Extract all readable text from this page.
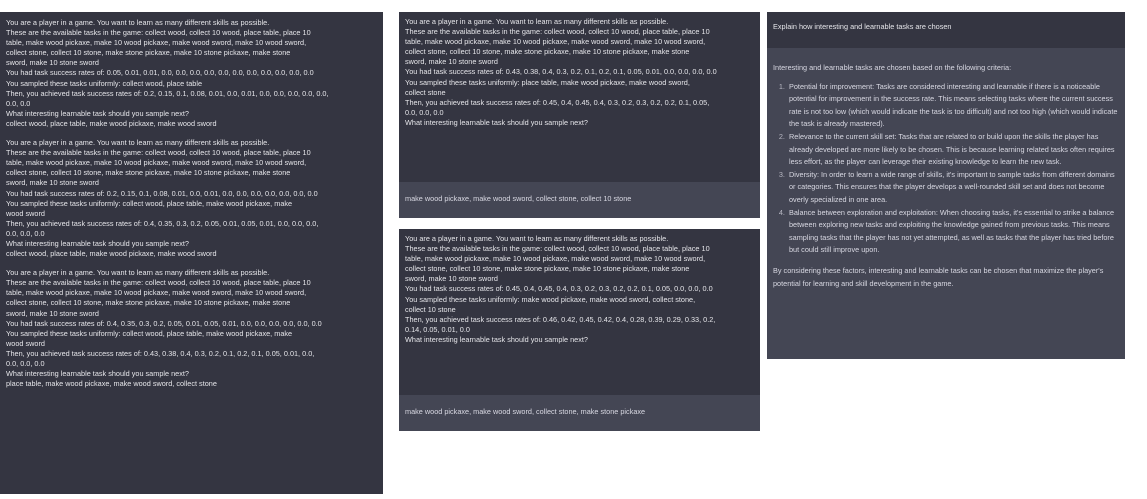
You are a player in a game. You want to learn as many different skills as possible.
These are the available tasks in the game: collect wood, collect 10 wood, place table, place 10
table, make wood pickaxe, make 10 wood pickaxe, make wood sword, make 10 wood sword,
collect stone, collect 10 stone, make stone pickaxe, make 10 stone pickaxe, make stone
sword, make 10 stone sword
You had task success rates of: 0.05, 0.01, 0.01, 0.0, 0.0, 0.0, 0.0, 0.0, 0.0, 0.0, 0.0, 0.0, 0.0, 0.0
You sampled these tasks uniformly: collect wood, place table
Then, you achieved task success rates of: 0.2, 0.15, 0.1, 0.08, 0.01, 0.0, 0.01, 0.0, 0.0, 0.0, 0.0, 0.0,
0.0, 0.0
What interesting learnable task should you sample next?
collect wood, place table, make wood pickaxe, make wood sword
You are a player in a game. You want to learn as many different skills as possible.
These are the available tasks in the game: collect wood, collect 10 wood, place table, place 10
table, make wood pickaxe, make 10 wood pickaxe, make wood sword, make 10 wood sword,
collect stone, collect 10 stone, make stone pickaxe, make 10 stone pickaxe, make stone
sword, make 10 stone sword
You had task success rates of: 0.2, 0.15, 0.1, 0.08, 0.01, 0.0, 0.01, 0.0, 0.0, 0.0, 0.0, 0.0, 0.0, 0.0
You sampled these tasks uniformly: collect wood, place table, make wood pickaxe, make
wood sword
Then, you achieved task success rates of: 0.4, 0.35, 0.3, 0.2, 0.05, 0.01, 0.05, 0.01, 0.0, 0.0, 0.0,
0.0, 0.0, 0.0
What interesting learnable task should you sample next?
collect wood, place table, make wood pickaxe, make wood sword
You are a player in a game. You want to learn as many different skills as possible.
These are the available tasks in the game: collect wood, collect 10 wood, place table, place 10
table, make wood pickaxe, make 10 wood pickaxe, make wood sword, make 10 wood sword,
collect stone, collect 10 stone, make stone pickaxe, make 10 stone pickaxe, make stone
sword, make 10 stone sword
You had task success rates of: 0.4, 0.35, 0.3, 0.2, 0.05, 0.01, 0.05, 0.01, 0.0, 0.0, 0.0, 0.0, 0.0, 0.0
You sampled these tasks uniformly: collect wood, place table, make wood pickaxe, make
wood sword
Then, you achieved task success rates of: 0.43, 0.38, 0.4, 0.3, 0.2, 0.1, 0.2, 0.1, 0.05, 0.01, 0.0,
0.0, 0.0, 0.0
What interesting learnable task should you sample next?
place table, make wood pickaxe, make wood sword, collect stone
You are a player in a game. You want to learn as many different skills as possible.
These are the available tasks in the game: collect wood, collect 10 wood, place table, place 10
table, make wood pickaxe, make 10 wood pickaxe, make wood sword, make 10 wood sword,
collect stone, collect 10 stone, make stone pickaxe, make 10 stone pickaxe, make stone
sword, make 10 stone sword
You had task success rates of: 0.43, 0.38, 0.4, 0.3, 0.2, 0.1, 0.2, 0.1, 0.05, 0.01, 0.0, 0.0, 0.0, 0.0
You sampled these tasks uniformly: place table, make wood pickaxe, make wood sword,
collect stone
Then, you achieved task success rates of: 0.45, 0.4, 0.45, 0.4, 0.3, 0.2, 0.3, 0.2, 0.2, 0.1, 0.05,
0.0, 0.0, 0.0
What interesting learnable task should you sample next?
make wood pickaxe, make wood sword, collect stone, collect 10 stone
You are a player in a game. You want to learn as many different skills as possible.
These are the available tasks in the game: collect wood, collect 10 wood, place table, place 10
table, make wood pickaxe, make 10 wood pickaxe, make wood sword, make 10 wood sword,
collect stone, collect 10 stone, make stone pickaxe, make 10 stone pickaxe, make stone
sword, make 10 stone sword
You had task success rates of: 0.45, 0.4, 0.45, 0.4, 0.3, 0.2, 0.3, 0.2, 0.2, 0.1, 0.05, 0.0, 0.0, 0.0
You sampled these tasks uniformly: make wood pickaxe, make wood sword, collect stone,
collect 10 stone
Then, you achieved task success rates of: 0.46, 0.42, 0.45, 0.42, 0.4, 0.28, 0.39, 0.29, 0.33, 0.2,
0.14, 0.05, 0.01, 0.0
What interesting learnable task should you sample next?
make wood pickaxe, make wood sword, collect stone, make stone pickaxe
Explain how interesting and learnable tasks are chosen
Interesting and learnable tasks are chosen based on the following criteria:
1. Potential for improvement: Tasks are considered interesting and learnable if there is a noticeable potential for improvement in the success rate. This means selecting tasks where the current success rate is not too low (which would indicate the task is too difficult) and not too high (which would indicate the task is already mastered).
2. Relevance to the current skill set: Tasks that are related to or build upon the skills the player has already developed are more likely to be chosen. This is because learning related tasks often requires less effort, as the player can leverage their existing knowledge to learn the new task.
3. Diversity: In order to learn a wide range of skills, it's important to sample tasks from different domains or categories. This ensures that the player develops a well-rounded skill set and does not become overly specialized in one area.
4. Balance between exploration and exploitation: When choosing tasks, it's essential to strike a balance between exploring new tasks and exploiting the knowledge gained from previous tasks. This means sampling tasks that the player has not yet attempted, as well as tasks that the player has tried before but could still improve upon.
By considering these factors, interesting and learnable tasks can be chosen that maximize the player's potential for learning and skill development in the game.
